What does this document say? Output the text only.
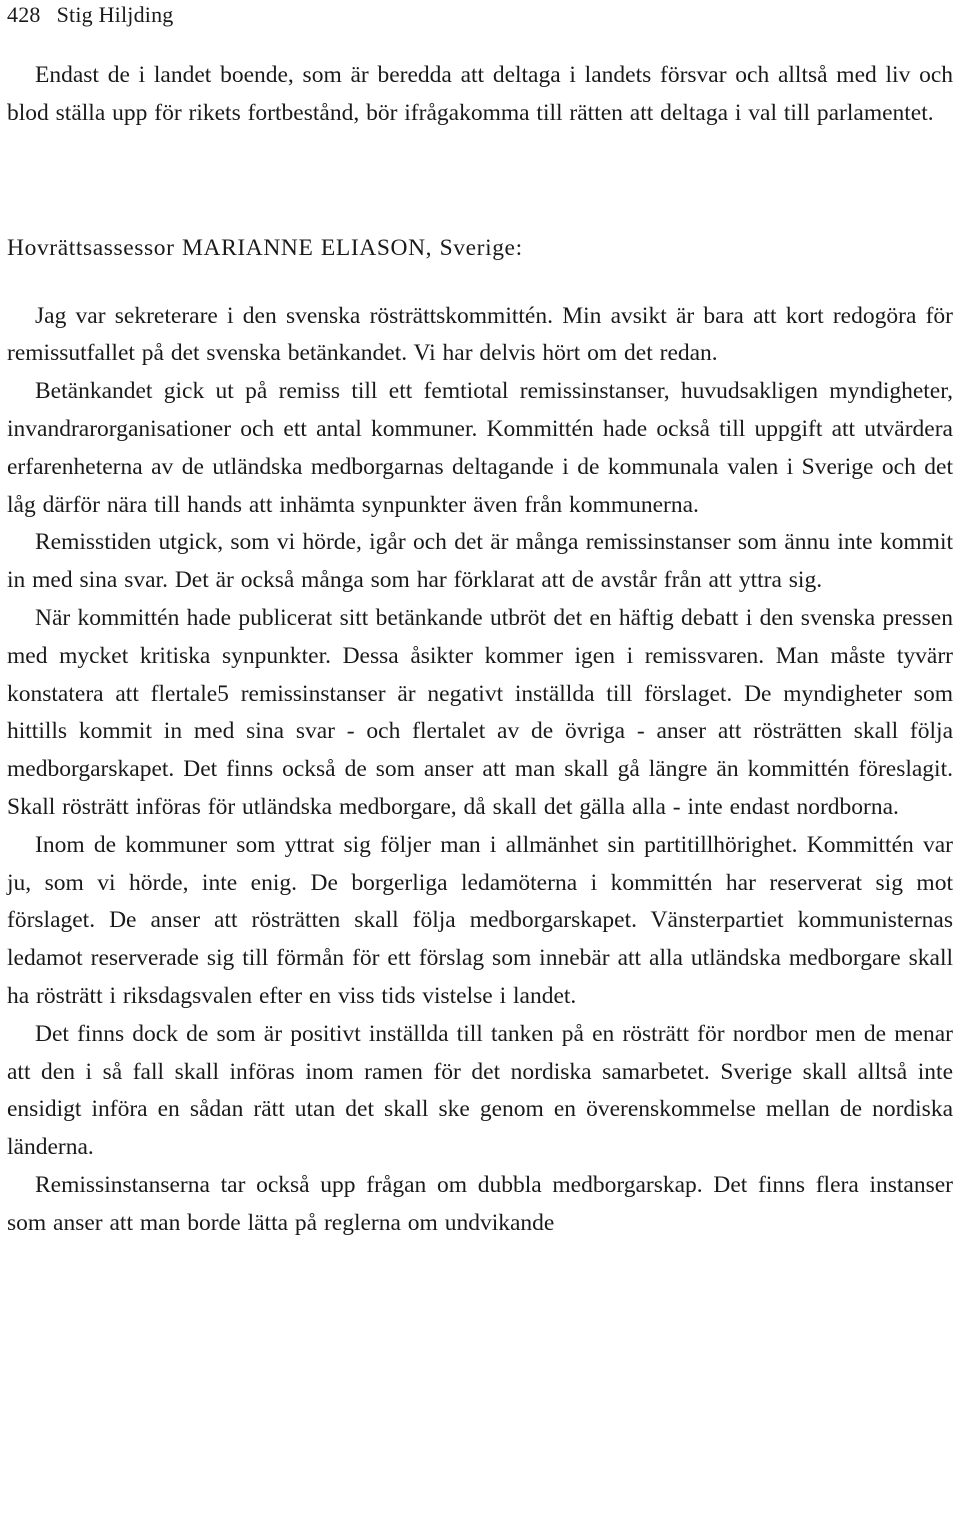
428 Stig Hiljding

Endast de i landet boende, som är beredda att deltaga i landets försvar och alltså med liv och blod ställa upp för rikets fortbestånd, bör ifrågakomma till rätten att deltaga i val till parlamentet.

Hovrättsassessor MARIANNE ELIASON, Sverige:

Jag var sekreterare i den svenska rösträttskommittén. Min avsikt är bara att kort redogöra för remissutfallet på det svenska betänkandet. Vi har delvis hört om det redan.

Betänkandet gick ut på remiss till ett femtiotal remissinstanser, huvudsakligen myndigheter, invandrarorganisationer och ett antal kommuner. Kommittén hade också till uppgift att utvärdera erfarenheterna av de utländska medborgarnas deltagande i de kommunala valen i Sverige och det låg därför nära till hands att inhämta synpunkter även från kommunerna.

Remisstiden utgick, som vi hörde, igår och det är många remissinstanser som ännu inte kommit in med sina svar. Det är också många som har förklarat att de avstår från att yttra sig.

När kommittén hade publicerat sitt betänkande utbröt det en häftig debatt i den svenska pressen med mycket kritiska synpunkter. Dessa åsikter kommer igen i remissvaren. Man måste tyvärr konstatera att flertale5 remissinstanser är negativt inställda till förslaget. De myndigheter som hittills kommit in med sina svar - och flertalet av de övriga - anser att rösträtten skall följa medborgarskapet. Det finns också de som anser att man skall gå längre än kommittén föreslagit. Skall rösträtt införas för utländska medborgare, då skall det gälla alla - inte endast nordborna.

Inom de kommuner som yttrat sig följer man i allmänhet sin partitillhörighet. Kommittén var ju, som vi hörde, inte enig. De borgerliga ledamöterna i kommittén har reserverat sig mot förslaget. De anser att rösträtten skall följa medborgarskapet. Vänsterpartiet kommunisternas ledamot reserverade sig till förmån för ett förslag som innebär att alla utländska medborgare skall ha rösträtt i riksdagsvalen efter en viss tids vistelse i landet.

Det finns dock de som är positivt inställda till tanken på en rösträtt för nordbor men de menar att den i så fall skall införas inom ramen för det nordiska samarbetet. Sverige skall alltså inte ensidigt införa en sådan rätt utan det skall ske genom en överenskommelse mellan de nordiska länderna.

Remissinstanserna tar också upp frågan om dubbla medborgarskap. Det finns flera instanser som anser att man borde lätta på reglerna om undvikande
